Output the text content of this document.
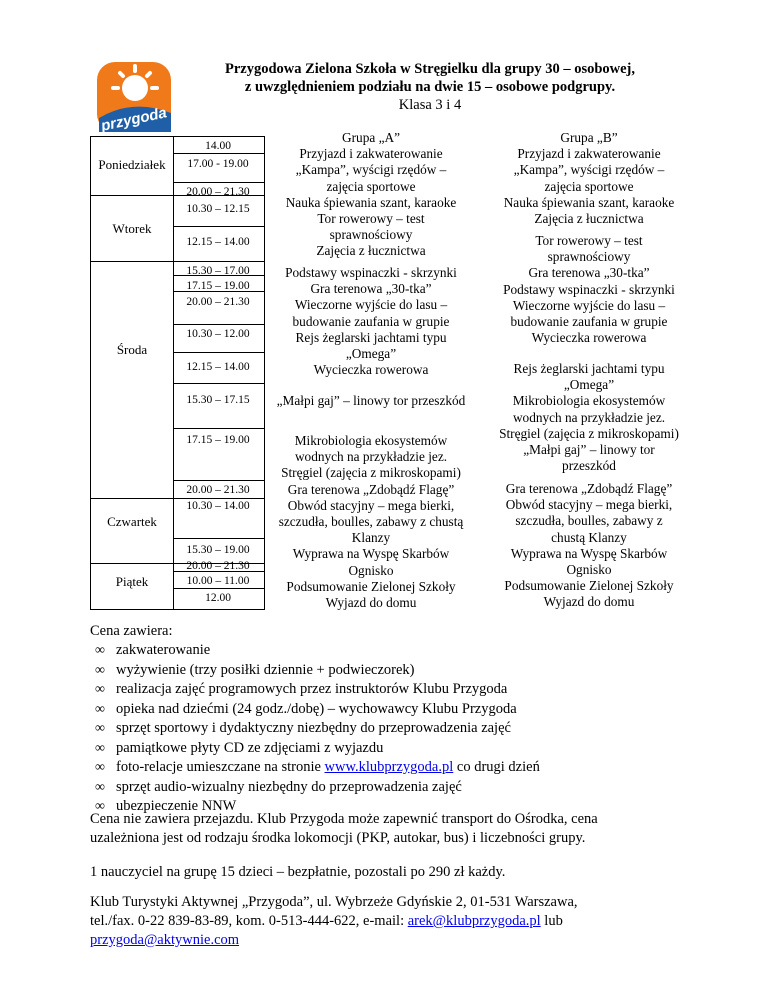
przygoda
Przygodowa Zielona Szkoła w Stręgielku dla grupy 30 – osobowej,
z uwzględnieniem podziału na dwie 15 – osobowe podgrupy.
Klasa 3 i 4
Poniedziałek
Wtorek
Środa
Czwartek
Piątek
14.00
17.00 - 19.00
20.00 – 21.30
10.30 – 12.15
12.15 – 14.00
15.30 – 17.00
17.15 – 19.00
20.00 – 21.30
10.30 – 12.00
12.15 – 14.00
15.30 – 17.15
17.15 – 19.00
20.00 – 21.30
10.30 – 14.00
15.30 – 19.00
20.00 – 21.30
10.00 – 11.00
12.00
Grupa „A”
Przyjazd i zakwaterowanie
„Kampa”, wyścigi rzędów –
zajęcia sportowe
Nauka śpiewania szant, karaoke
Tor rowerowy – test
sprawnościowy
Zajęcia z łucznictwa
Podstawy wspinaczki - skrzynki
Gra terenowa „30-tka”
Wieczorne wyjście do lasu –
budowanie zaufania w grupie
Rejs żeglarski jachtami typu
„Omega”
Wycieczka rowerowa
„Małpi gaj” – linowy tor przeszkód
Mikrobiologia ekosystemów
wodnych na przykładzie jez.
Stręgiel (zajęcia z mikroskopami)
Gra terenowa „Zdobądź Flagę”
Obwód stacyjny – mega bierki,
szczudła, boulles, zabawy z chustą
Klanzy
Wyprawa na Wyspę Skarbów
Ognisko
Podsumowanie Zielonej Szkoły
Wyjazd do domu
Grupa „B”
Przyjazd i zakwaterowanie
„Kampa”, wyścigi rzędów –
zajęcia sportowe
Nauka śpiewania szant, karaoke
Zajęcia z łucznictwa
Tor rowerowy – test
sprawnościowy
Gra terenowa „30-tka”
Podstawy wspinaczki - skrzynki
Wieczorne wyjście do lasu –
budowanie zaufania w grupie
Wycieczka rowerowa
Rejs żeglarski jachtami typu
„Omega”
Mikrobiologia ekosystemów
wodnych na przykładzie jez.
Stręgiel (zajęcia z mikroskopami)
„Małpi gaj” – linowy tor
przeszkód
Gra terenowa „Zdobądź Flagę”
Obwód stacyjny – mega bierki,
szczudła, boulles, zabawy z
chustą Klanzy
Wyprawa na Wyspę Skarbów
Ognisko
Podsumowanie Zielonej Szkoły
Wyjazd do domu
Cena zawiera:
∞ zakwaterowanie
∞ wyżywienie (trzy posiłki dziennie + podwieczorek)
∞ realizacja zajęć programowych przez instruktorów Klubu Przygoda
∞ opieka nad dziećmi (24 godz./dobę) – wychowawcy Klubu Przygoda
∞ sprzęt sportowy i dydaktyczny niezbędny do przeprowadzenia zajęć
∞ pamiątkowe płyty CD ze zdjęciami z wyjazdu
∞ foto-relacje umieszczane na stronie www.klubprzygoda.pl co drugi dzień
∞ sprzęt audio-wizualny niezbędny do przeprowadzenia zajęć
∞ ubezpieczenie NNW
Cena nie zawiera przejazdu. Klub Przygoda może zapewnić transport do Ośrodka, cena
uzależniona jest od rodzaju środka lokomocji (PKP, autokar, bus) i liczebności grupy.
1 nauczyciel na grupę 15 dzieci – bezpłatnie, pozostali po 290 zł każdy.
Klub Turystyki Aktywnej „Przygoda”, ul. Wybrzeże Gdyńskie 2, 01-531 Warszawa,
tel./fax. 0-22 839-83-89, kom. 0-513-444-622, e-mail: arek@klubprzygoda.pl lub
przygoda@aktywnie.com
